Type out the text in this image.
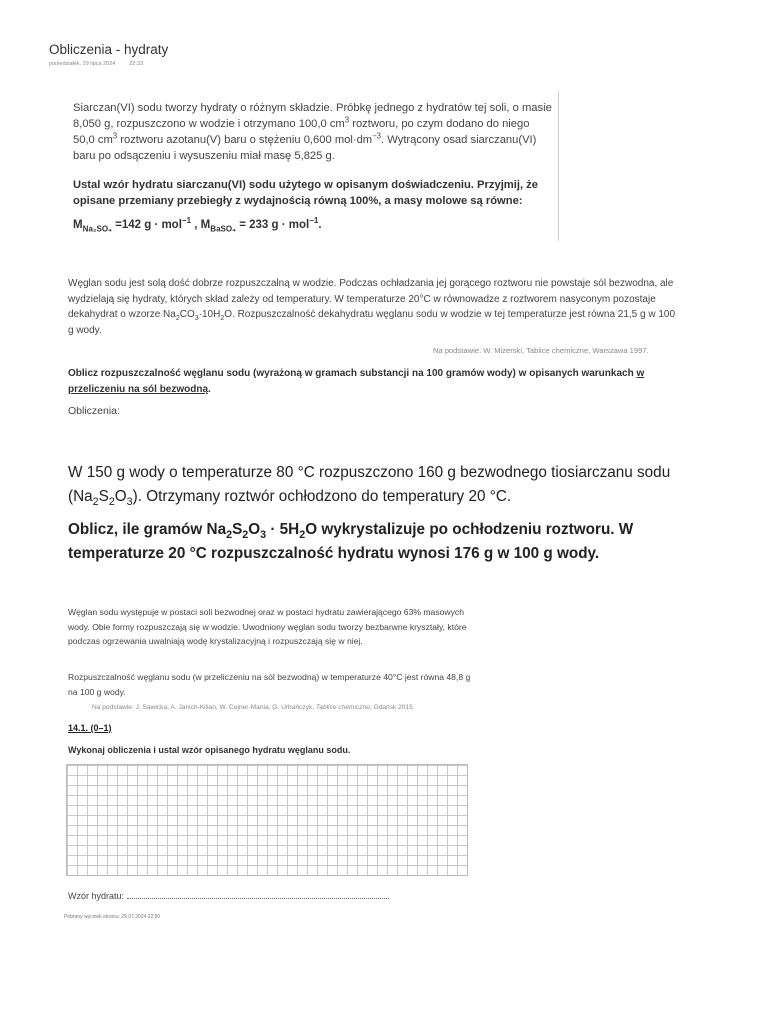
Obliczenia - hydraty
poniedziałek, 29 lipca 2024	22:33
Siarczan(VI) sodu tworzy hydraty o różnym składzie. Próbkę jednego z hydratów tej soli, o masie 8,050 g, rozpuszczono w wodzie i otrzymano 100,0 $cm^3$ roztworu, po czym dodano do niego 50,0 $cm^3$ roztworu azotanu(V) baru o stężeniu 0,600 $mol\cdot dm^{-3}$. Wytrącony osad siarczanu(VI) baru po odsączeniu i wysuszeniu miał masę 5,825 g.
Ustal wzór hydratu siarczanu(VI) sodu użytego w opisanym doświadczeniu. Przyjmij, że opisane przemiany przebiegły z wydajnością równą 100%, a masy molowe są równe:
$M_{Na_2SO_4} =142$ g · mol$^{-1}$ , $M_{BaSO_4} = 233$ g · mol$^{-1}$.
Węglan sodu jest solą dość dobrze rozpuszczalną w wodzie. Podczas ochładzania jej gorącego roztworu nie powstaje sól bezwodna, ale wydzielają się hydraty, których skład zależy od temperatury. W temperaturze 20°C w równowadze z roztworem nasyconym pozostaje dekahydrat o wzorze $Na_2CO_3\cdot 10H_2O$. Rozpuszczalność dekahydratu węglanu sodu w wodzie w tej temperaturze jest równa 21,5 g w 100 g wody.
Na podstawie: W. Mizerski, Tablice chemiczne, Warszawa 1997.
Oblicz rozpuszczalność węglanu sodu (wyrażoną w gramach substancji na 100 gramów wody) w opisanych warunkach w przeliczeniu na sól bezwodną.
Obliczenia:
W 150 g wody o temperaturze 80 °C rozpuszczono 160 g bezwodnego tiosiarczanu sodu $(Na_2S_2O_3)$. Otrzymany roztwór ochłodzono do temperatury 20 °C.
Oblicz, ile gramów $Na_2S_2O_3 \cdot 5H_2O$ wykrystalizuje po ochłodzeniu roztworu. W temperaturze 20 °C rozpuszczalność hydratu wynosi 176 g w 100 g wody.
Węglan sodu występuje w postaci soli bezwodnej oraz w postaci hydratu zawierającego 63% masowych wody. Obie formy rozpuszczają się w wodzie. Uwodniony węglan sodu tworzy bezbarwne kryształy, które podczas ogrzewania uwalniają wodę krystalizacyjną i rozpuszczają się w niej.
Rozpuszczalność węglanu sodu (w przeliczeniu na sól bezwodną) w temperaturze 40°C jest równa 48,8 g na 100 g wody.
Na podstawie: J. Sawicka, A. Janich-Kilian, W. Cejner-Mania, G. Urbańczyk, Tablice chemiczne, Gdańsk 2015.
14.1. (0–1)
Wykonaj obliczenia i ustal wzór opisanego hydratu węglanu sodu.
Wzór hydratu:
Pobrany wycinek ekranu: 29.07.2024 22:50
